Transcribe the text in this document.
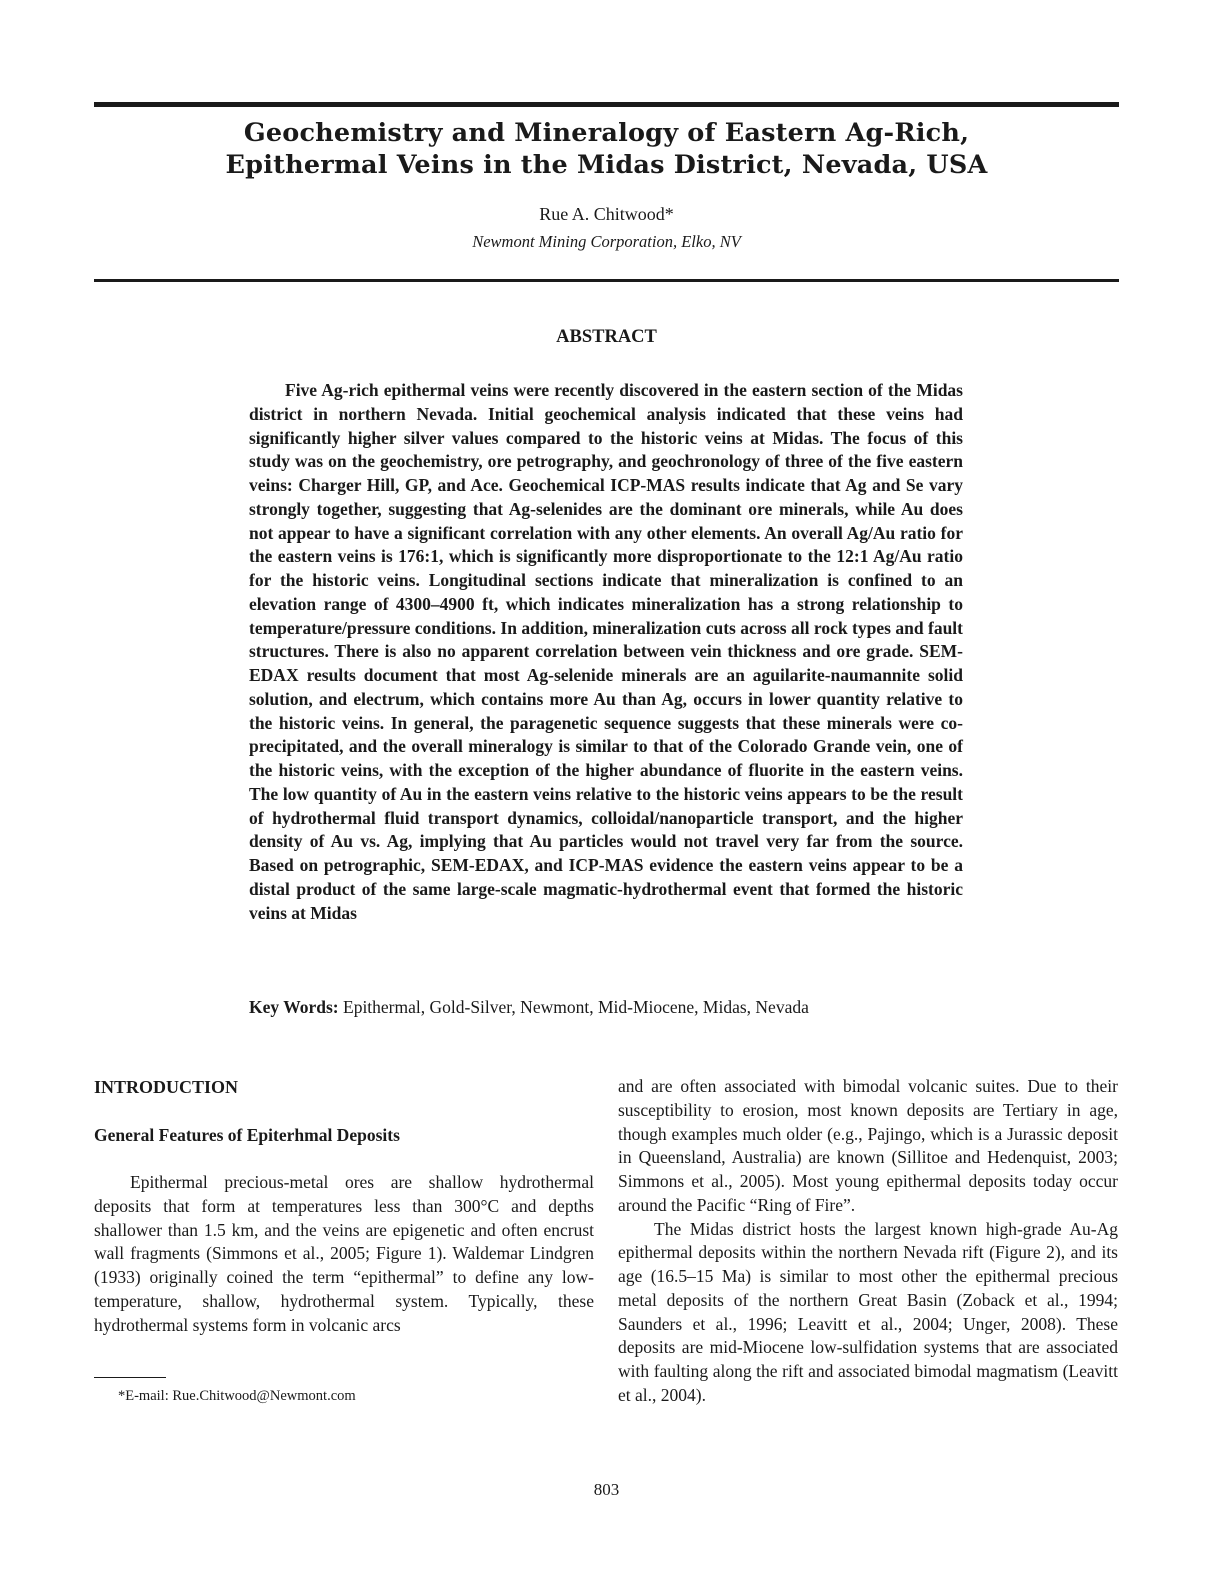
Geochemistry and Mineralogy of Eastern Ag-Rich,
Epithermal Veins in the Midas District, Nevada, USA
Rue A. Chitwood*
Newmont Mining Corporation, Elko, NV
ABSTRACT

Five Ag-rich epithermal veins were recently discovered in the eastern section of the Midas district in northern Nevada. Initial geochemical analysis indicated that these veins had significantly higher silver values compared to the historic veins at Midas. The focus of this study was on the geochemistry, ore petrography, and geochronology of three of the five eastern veins: Charger Hill, GP, and Ace. Geochemical ICP-MAS results indicate that Ag and Se vary strongly together, suggesting that Ag-selenides are the dominant ore minerals, while Au does not appear to have a significant correlation with any other elements. An overall Ag/Au ratio for the eastern veins is 176:1, which is significantly more disproportionate to the 12:1 Ag/Au ratio for the historic veins. Longitudinal sections indicate that mineralization is confined to an elevation range of 4300–4900 ft, which indicates mineralization has a strong relationship to temperature/pressure conditions. In addition, mineralization cuts across all rock types and fault structures. There is also no apparent correlation between vein thickness and ore grade. SEM-EDAX results document that most Ag-selenide minerals are an aguilarite-naumannite solid solution, and electrum, which contains more Au than Ag, occurs in lower quantity relative to the historic veins. In general, the paragenetic sequence suggests that these minerals were co-precipitated, and the overall mineralogy is similar to that of the Colorado Grande vein, one of the historic veins, with the exception of the higher abundance of fluorite in the eastern veins. The low quantity of Au in the eastern veins relative to the historic veins appears to be the result of hydrothermal fluid transport dynamics, colloidal/nanoparticle transport, and the higher density of Au vs. Ag, implying that Au particles would not travel very far from the source. Based on petrographic, SEM-EDAX, and ICP-MAS evidence the eastern veins appear to be a distal product of the same large-scale magmatic-hydrothermal event that formed the historic veins at Midas

Key Words: Epithermal, Gold-Silver, Newmont, Mid-Miocene, Midas, Nevada

INTRODUCTION
General Features of Epiterhmal Deposits

Epithermal precious-metal ores are shallow hydrothermal deposits that form at temperatures less than 300°C and depths shallower than 1.5 km, and the veins are epigenetic and often encrust wall fragments (Simmons et al., 2005; Figure 1). Waldemar Lindgren (1933) originally coined the term “epithermal” to define any low-temperature, shallow, hydrothermal system. Typically, these hydrothermal systems form in volcanic arcs

and are often associated with bimodal volcanic suites. Due to their susceptibility to erosion, most known deposits are Tertiary in age, though examples much older (e.g., Pajingo, which is a Jurassic deposit in Queensland, Australia) are known (Sillitoe and Hedenquist, 2003; Simmons et al., 2005). Most young epithermal deposits today occur around the Pacific “Ring of Fire”.

The Midas district hosts the largest known high-grade Au-Ag epithermal deposits within the northern Nevada rift (Figure 2), and its age (16.5–15 Ma) is similar to most other the epithermal precious metal deposits of the northern Great Basin (Zoback et al., 1994; Saunders et al., 1996; Leavitt et al., 2004; Unger, 2008). These deposits are mid-Miocene low-sulfidation systems that are associated with faulting along the rift and associated bimodal magmatism (Leavitt et al., 2004).

*E-mail: Rue.Chitwood@Newmont.com

803
